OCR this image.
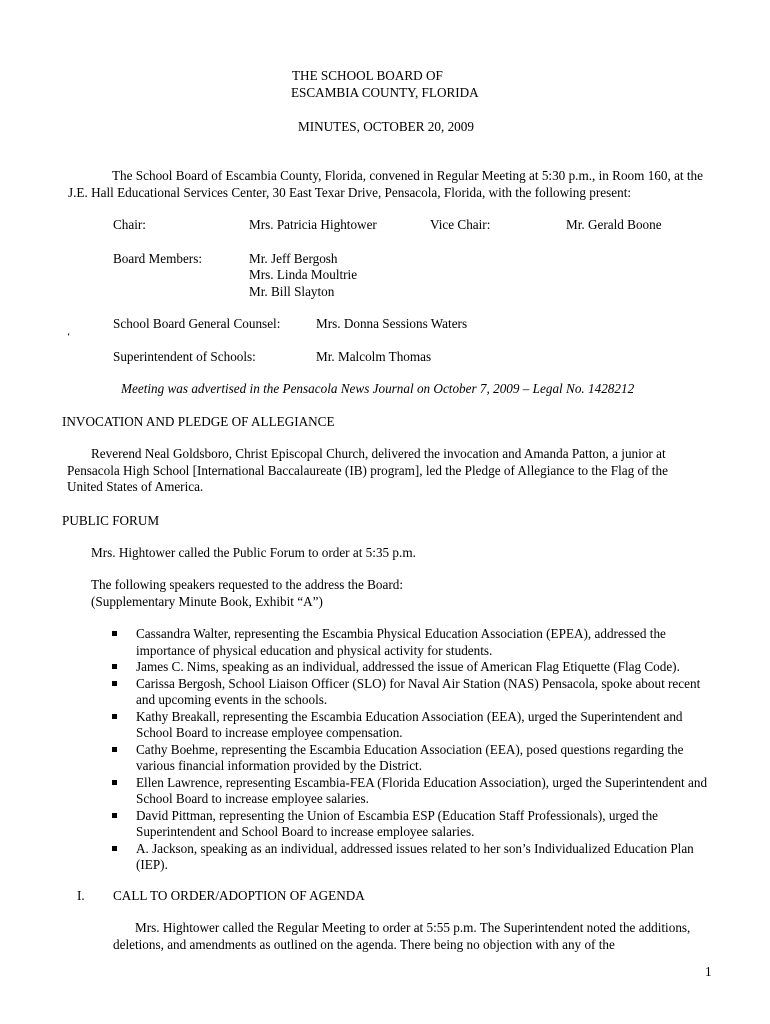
THE SCHOOL BOARD OF
ESCAMBIA COUNTY, FLORIDA
MINUTES, OCTOBER 20, 2009
The School Board of Escambia County, Florida, convened in Regular Meeting at 5:30 p.m., in Room 160, at the J.E. Hall Educational Services Center, 30 East Texar Drive, Pensacola, Florida, with the following present:
Chair:	Mrs. Patricia Hightower	Vice Chair:	Mr. Gerald Boone
Board Members:	Mr. Jeff Bergosh
Mrs. Linda Moultrie
Mr. Bill Slayton
School Board General Counsel:	Mrs. Donna Sessions Waters
‘
Superintendent of Schools:	Mr. Malcolm Thomas
Meeting was advertised in the Pensacola News Journal on October 7, 2009 – Legal No. 1428212
INVOCATION AND PLEDGE OF ALLEGIANCE
Reverend Neal Goldsboro, Christ Episcopal Church, delivered the invocation and Amanda Patton, a junior at Pensacola High School [International Baccalaureate (IB) program], led the Pledge of Allegiance to the Flag of the United States of America.
PUBLIC FORUM
Mrs. Hightower called the Public Forum to order at 5:35 p.m.
The following speakers requested to the address the Board:
(Supplementary Minute Book, Exhibit “A”)
Cassandra Walter, representing the Escambia Physical Education Association (EPEA), addressed the importance of physical education and physical activity for students.
James C. Nims, speaking as an individual, addressed the issue of American Flag Etiquette (Flag Code).
Carissa Bergosh, School Liaison Officer (SLO) for Naval Air Station (NAS) Pensacola, spoke about recent and upcoming events in the schools.
Kathy Breakall, representing the Escambia Education Association (EEA), urged the Superintendent and School Board to increase employee compensation.
Cathy Boehme, representing the Escambia Education Association (EEA), posed questions regarding the various financial information provided by the District.
Ellen Lawrence, representing Escambia-FEA (Florida Education Association), urged the Superintendent and School Board to increase employee salaries.
David Pittman, representing the Union of Escambia ESP (Education Staff Professionals), urged the Superintendent and School Board to increase employee salaries.
A. Jackson, speaking as an individual, addressed issues related to her son’s Individualized Education Plan (IEP).
I. CALL TO ORDER/ADOPTION OF AGENDA
Mrs. Hightower called the Regular Meeting to order at 5:55 p.m. The Superintendent noted the additions, deletions, and amendments as outlined on the agenda. There being no objection with any of the
1
